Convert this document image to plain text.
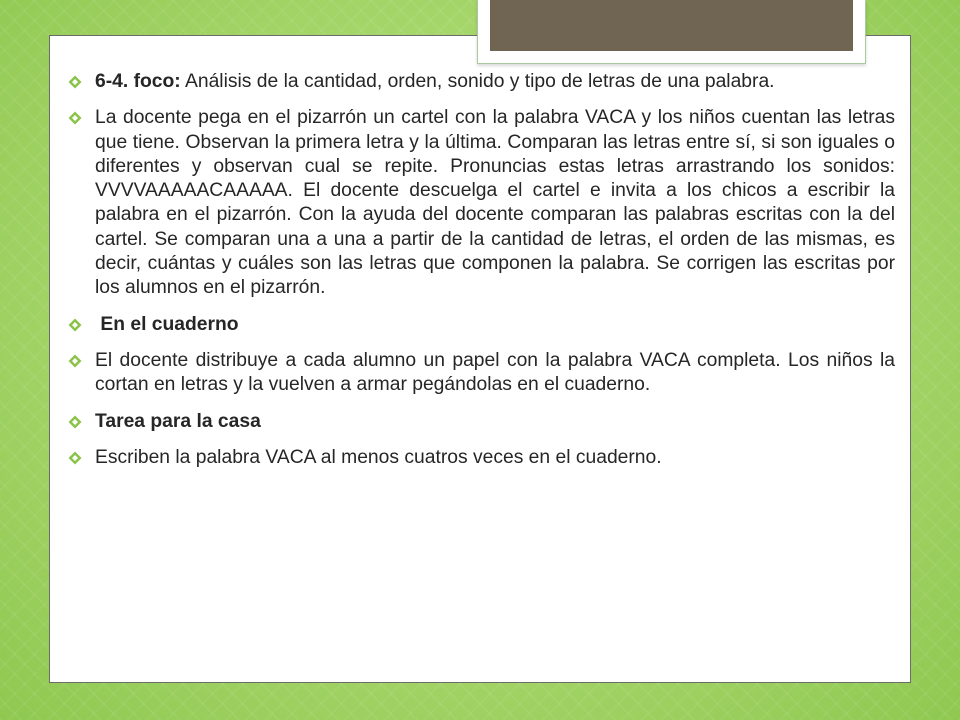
6-4. foco: Análisis de la cantidad, orden, sonido y tipo de letras de una palabra.
La docente pega en el pizarrón un cartel con la palabra VACA y los niños cuentan las letras que tiene. Observan la primera letra y la última. Comparan las letras entre sí, si son iguales o diferentes y observan cual se repite. Pronuncias estas letras arrastrando los sonidos: VVVVAAAAACAAAAA. El docente descuelga el cartel e invita a los chicos a escribir la palabra en el pizarrón. Con la ayuda del docente comparan las palabras escritas con la del cartel. Se comparan una a una a partir de la cantidad de letras, el orden de las mismas, es decir, cuántas y cuáles son las letras que componen la palabra. Se corrigen las escritas por los alumnos en el pizarrón.
En el cuaderno
El docente distribuye a cada alumno un papel con la palabra VACA completa. Los niños la cortan en letras y la vuelven a armar pegándolas en el cuaderno.
Tarea para la casa
Escriben la palabra VACA al menos cuatros veces en el cuaderno.
